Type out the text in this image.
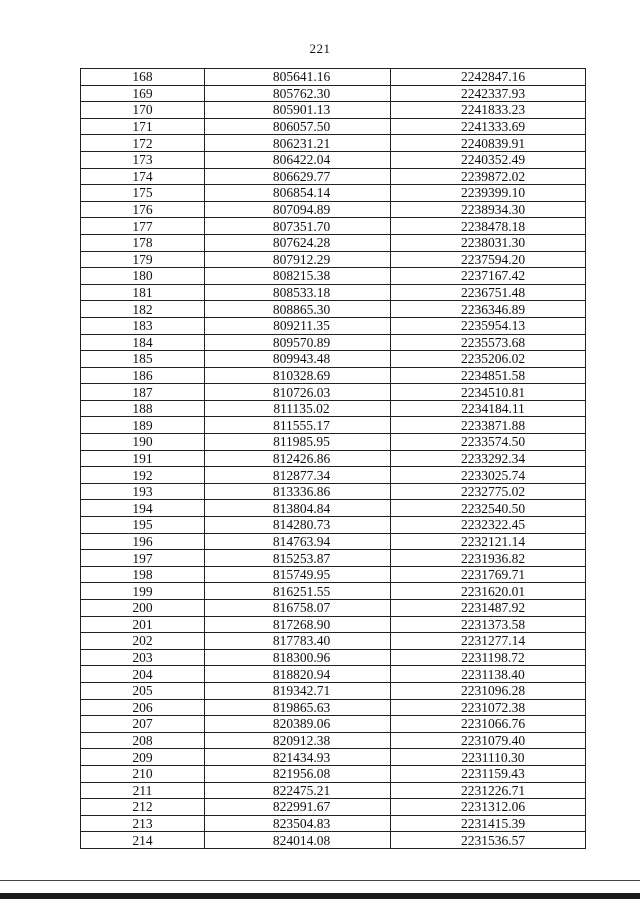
221
168	805641.16	2242847.16
169	805762.30	2242337.93
170	805901.13	2241833.23
171	806057.50	2241333.69
172	806231.21	2240839.91
173	806422.04	2240352.49
174	806629.77	2239872.02
175	806854.14	2239399.10
176	807094.89	2238934.30
177	807351.70	2238478.18
178	807624.28	2238031.30
179	807912.29	2237594.20
180	808215.38	2237167.42
181	808533.18	2236751.48
182	808865.30	2236346.89
183	809211.35	2235954.13
184	809570.89	2235573.68
185	809943.48	2235206.02
186	810328.69	2234851.58
187	810726.03	2234510.81
188	811135.02	2234184.11
189	811555.17	2233871.88
190	811985.95	2233574.50
191	812426.86	2233292.34
192	812877.34	2233025.74
193	813336.86	2232775.02
194	813804.84	2232540.50
195	814280.73	2232322.45
196	814763.94	2232121.14
197	815253.87	2231936.82
198	815749.95	2231769.71
199	816251.55	2231620.01
200	816758.07	2231487.92
201	817268.90	2231373.58
202	817783.40	2231277.14
203	818300.96	2231198.72
204	818820.94	2231138.40
205	819342.71	2231096.28
206	819865.63	2231072.38
207	820389.06	2231066.76
208	820912.38	2231079.40
209	821434.93	2231110.30
210	821956.08	2231159.43
211	822475.21	2231226.71
212	822991.67	2231312.06
213	823504.83	2231415.39
214	824014.08	2231536.57
